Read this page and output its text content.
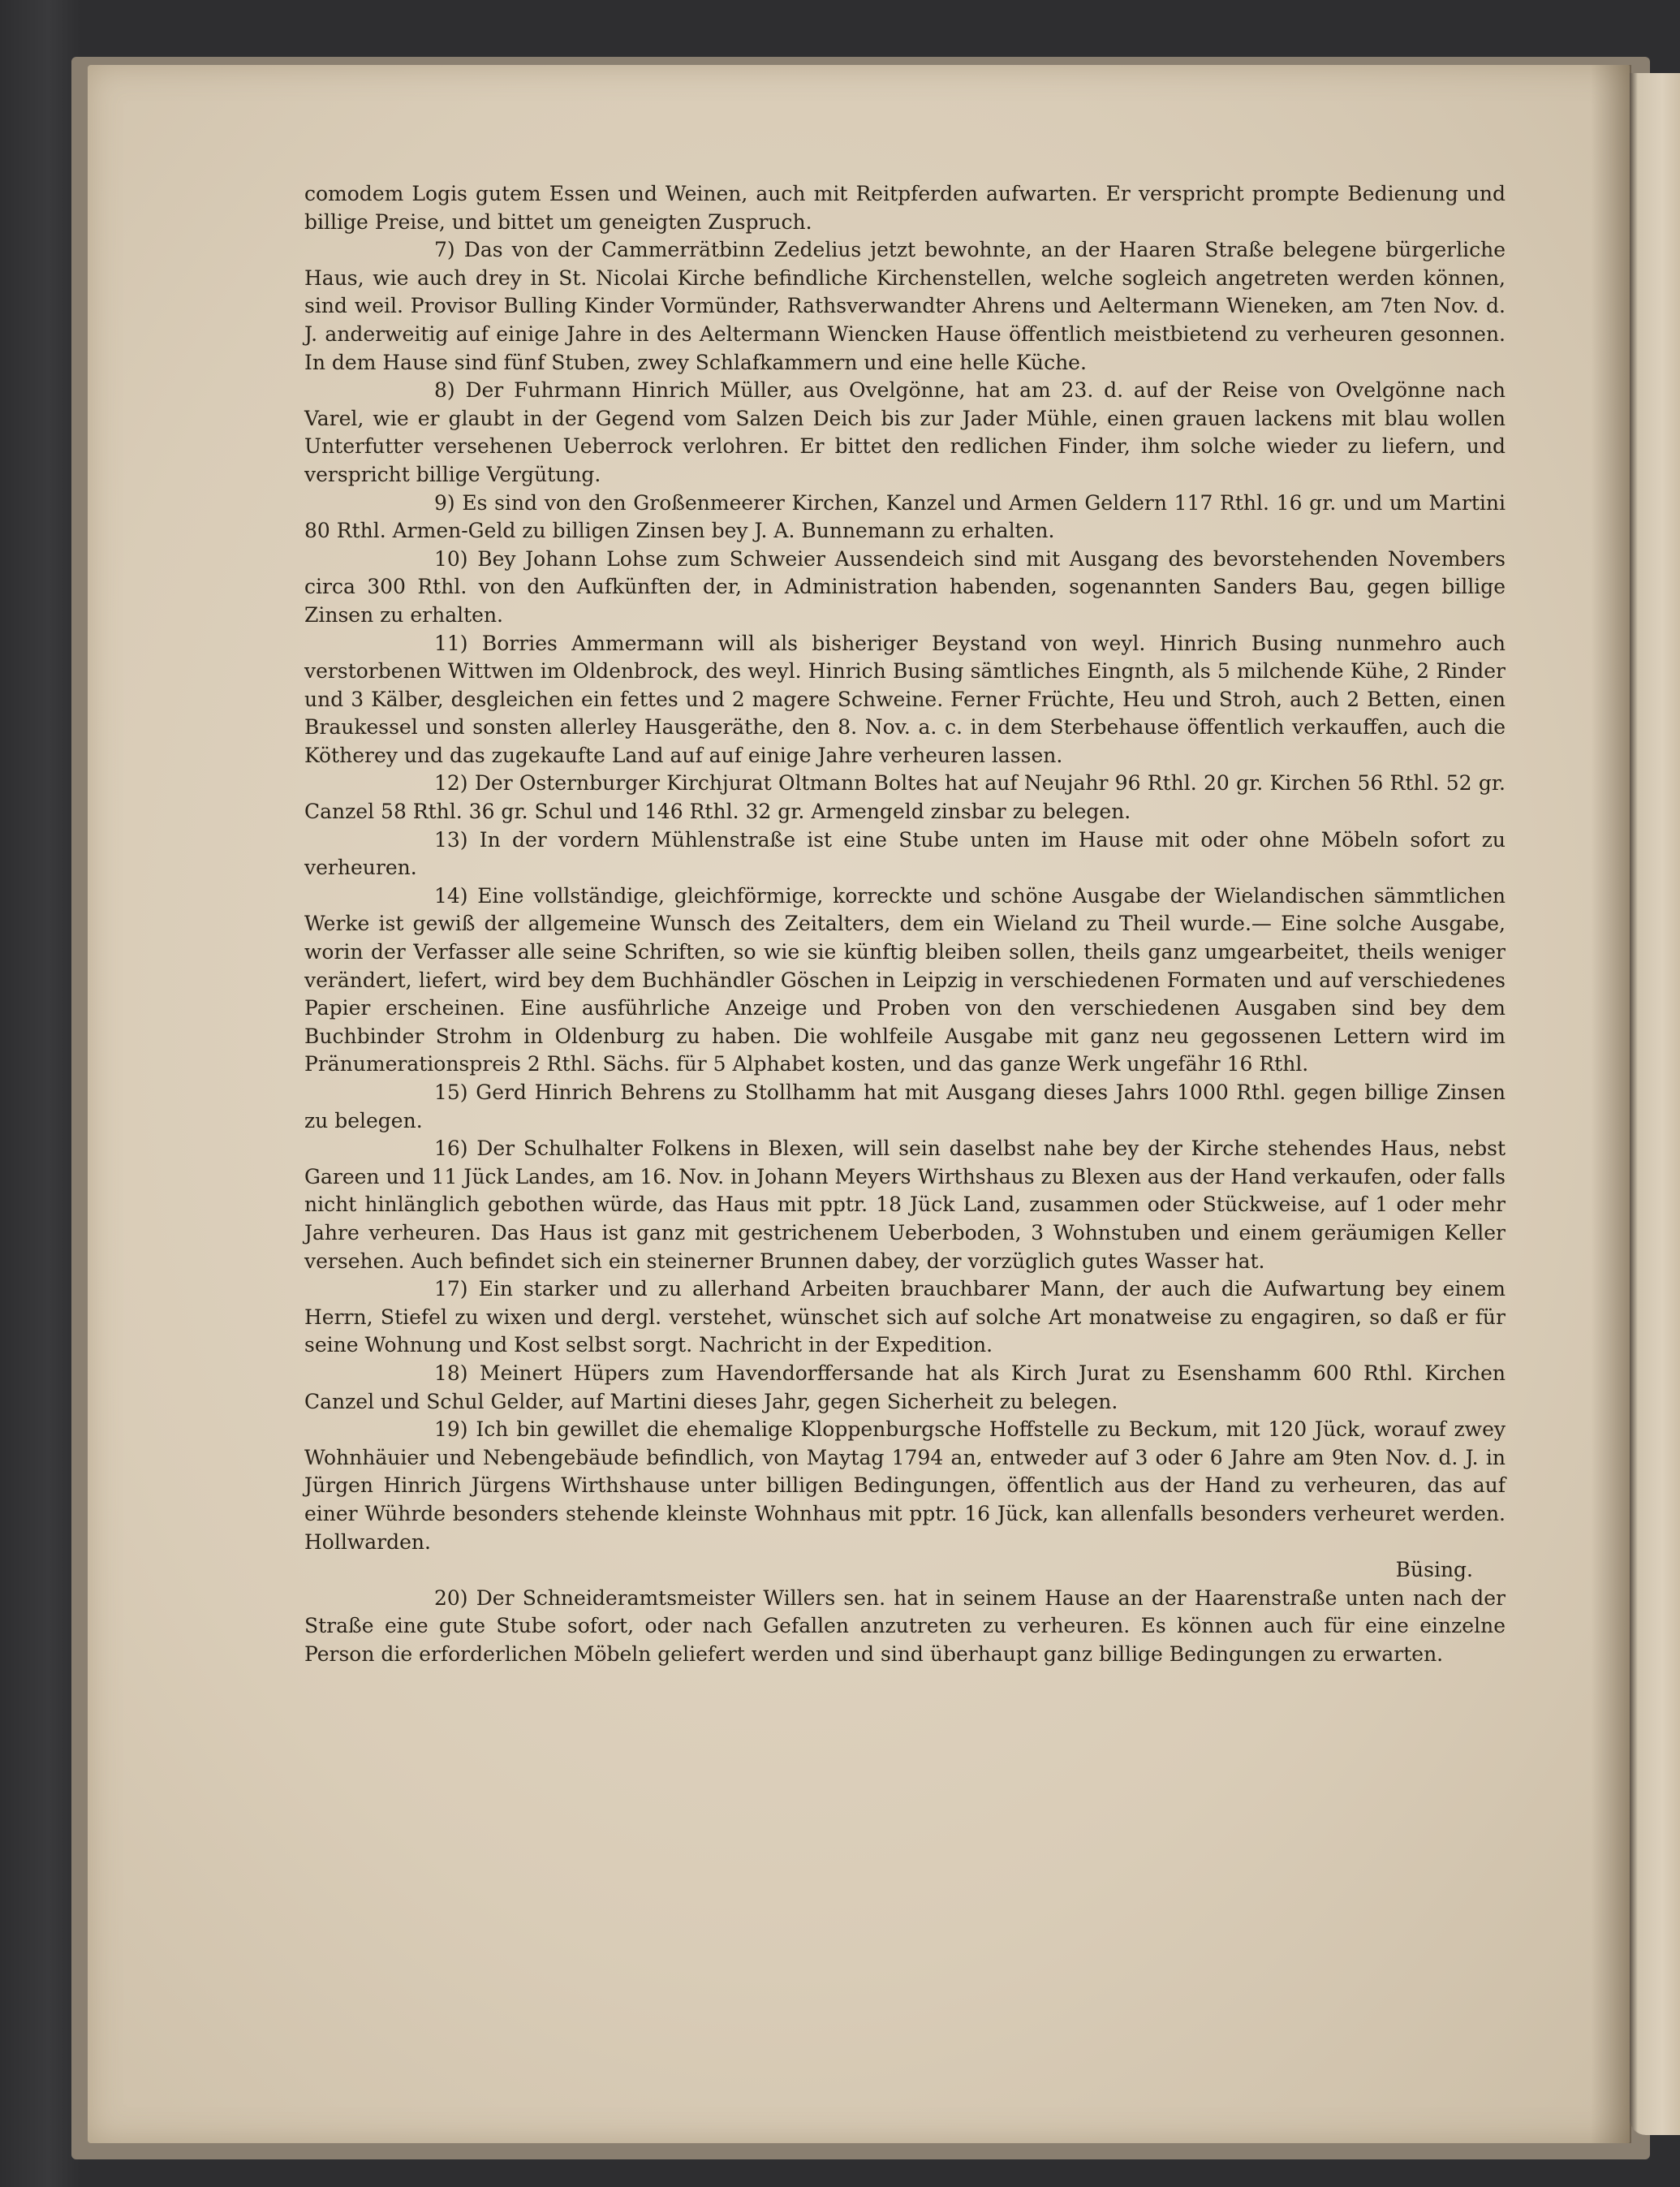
comodem Logis gutem Essen und Weinen, auch mit Reitpferden aufwarten. Er verspricht prompte Bedienung und billige Preise, und bittet um geneigten Zuspruch.

7) Das von der Cammerrätbinn Zedelius jetzt bewohnte, an der Haaren Straße belegene bürgerliche Haus, wie auch drey in St. Nicolai Kirche befindliche Kirchenstellen, welche sogleich angetreten werden können, sind weil. Provisor Bulling Kinder Vormünder, Rathsverwandter Ahrens und Aeltermann Wieneken, am 7ten Nov. d. J. anderweitig auf einige Jahre in des Aeltermann Wiencken Hause öffentlich meistbietend zu verheuren gesonnen. In dem Hause sind fünf Stuben, zwey Schlafkammern und eine helle Küche.

8) Der Fuhrmann Hinrich Müller, aus Ovelgönne, hat am 23. d. auf der Reise von Ovelgönne nach Varel, wie er glaubt in der Gegend vom Salzen Deich bis zur Jader Mühle, einen grauen lackens mit blau wollen Unterfutter versehenen Ueberrock verlohren. Er bittet den redlichen Finder, ihm solche wieder zu liefern, und verspricht billige Vergütung.

9) Es sind von den Großenmeerer Kirchen, Kanzel und Armen Geldern 117 Rthl. 16 gr. und um Martini 80 Rthl. Armen-Geld zu billigen Zinsen bey J. A. Bunnemann zu erhalten.

10) Bey Johann Lohse zum Schweier Aussendeich sind mit Ausgang des bevorstehenden Novembers circa 300 Rthl. von den Aufkünften der, in Administration habenden, sogenannten Sanders Bau, gegen billige Zinsen zu erhalten.

11) Borries Ammermann will als bisheriger Beystand von weyl. Hinrich Busing nunmehro auch verstorbenen Wittwen im Oldenbrock, des weyl. Hinrich Busing sämtliches Eingnth, als 5 milchende Kühe, 2 Rinder und 3 Kälber, desgleichen ein fettes und 2 magere Schweine. Ferner Früchte, Heu und Stroh, auch 2 Betten, einen Braukessel und sonsten allerley Hausgeräthe, den 8. Nov. a. c. in dem Sterbehause öffentlich verkauffen, auch die Kötherey und das zugekaufte Land auf auf einige Jahre verheuren lassen.

12) Der Osternburger Kirchjurat Oltmann Boltes hat auf Neujahr 96 Rthl. 20 gr. Kirchen 56 Rthl. 52 gr. Canzel 58 Rthl. 36 gr. Schul und 146 Rthl. 32 gr. Armengeld zinsbar zu belegen.

13) In der vordern Mühlenstraße ist eine Stube unten im Hause mit oder ohne Möbeln sofort zu verheuren.

14) Eine vollständige, gleichförmige, korreckte und schöne Ausgabe der Wielandischen sämmtlichen Werke ist gewiß der allgemeine Wunsch des Zeitalters, dem ein Wieland zu Theil wurde.— Eine solche Ausgabe, worin der Verfasser alle seine Schriften, so wie sie künftig bleiben sollen, theils ganz umgearbeitet, theils weniger verändert, liefert, wird bey dem Buchhändler Göschen in Leipzig in verschiedenen Formaten und auf verschiedenes Papier erscheinen. Eine ausführliche Anzeige und Proben von den verschiedenen Ausgaben sind bey dem Buchbinder Strohm in Oldenburg zu haben. Die wohlfeile Ausgabe mit ganz neu gegossenen Lettern wird im Pränumerationspreis 2 Rthl. Sächs. für 5 Alphabet kosten, und das ganze Werk ungefähr 16 Rthl.

15) Gerd Hinrich Behrens zu Stollhamm hat mit Ausgang dieses Jahrs 1000 Rthl. gegen billige Zinsen zu belegen.

16) Der Schulhalter Folkens in Blexen, will sein daselbst nahe bey der Kirche stehendes Haus, nebst Gareen und 11 Jück Landes, am 16. Nov. in Johann Meyers Wirthshaus zu Blexen aus der Hand verkaufen, oder falls nicht hinlänglich gebothen würde, das Haus mit pptr. 18 Jück Land, zusammen oder Stückweise, auf 1 oder mehr Jahre verheuren. Das Haus ist ganz mit gestrichenem Ueberboden, 3 Wohnstuben und einem geräumigen Keller versehen. Auch befindet sich ein steinerner Brunnen dabey, der vorzüglich gutes Wasser hat.

17) Ein starker und zu allerhand Arbeiten brauchbarer Mann, der auch die Aufwartung bey einem Herrn, Stiefel zu wixen und dergl. verstehet, wünschet sich auf solche Art monatweise zu engagiren, so daß er für seine Wohnung und Kost selbst sorgt. Nachricht in der Expedition.

18) Meinert Hüpers zum Havendorffersande hat als Kirch Jurat zu Esenshamm 600 Rthl. Kirchen Canzel und Schul Gelder, auf Martini dieses Jahr, gegen Sicherheit zu belegen.

19) Ich bin gewillet die ehemalige Kloppenburgsche Hoffstelle zu Beckum, mit 120 Jück, worauf zwey Wohnhäuier und Nebengebäude befindlich, von Maytag 1794 an, entweder auf 3 oder 6 Jahre am 9ten Nov. d. J. in Jürgen Hinrich Jürgens Wirthshause unter billigen Bedingungen, öffentlich aus der Hand zu verheuren, das auf einer Wührde besonders stehende kleinste Wohnhaus mit pptr. 16 Jück, kan allenfalls besonders verheuret werden. Hollwarden.

Büsing.

20) Der Schneideramtsmeister Willers sen. hat in seinem Hause an der Haarenstraße unten nach der Straße eine gute Stube sofort, oder nach Gefallen anzutreten zu verheuren. Es können auch für eine einzelne Person die erforderlichen Möbeln geliefert werden und sind überhaupt ganz billige Bedingungen zu erwarten.
